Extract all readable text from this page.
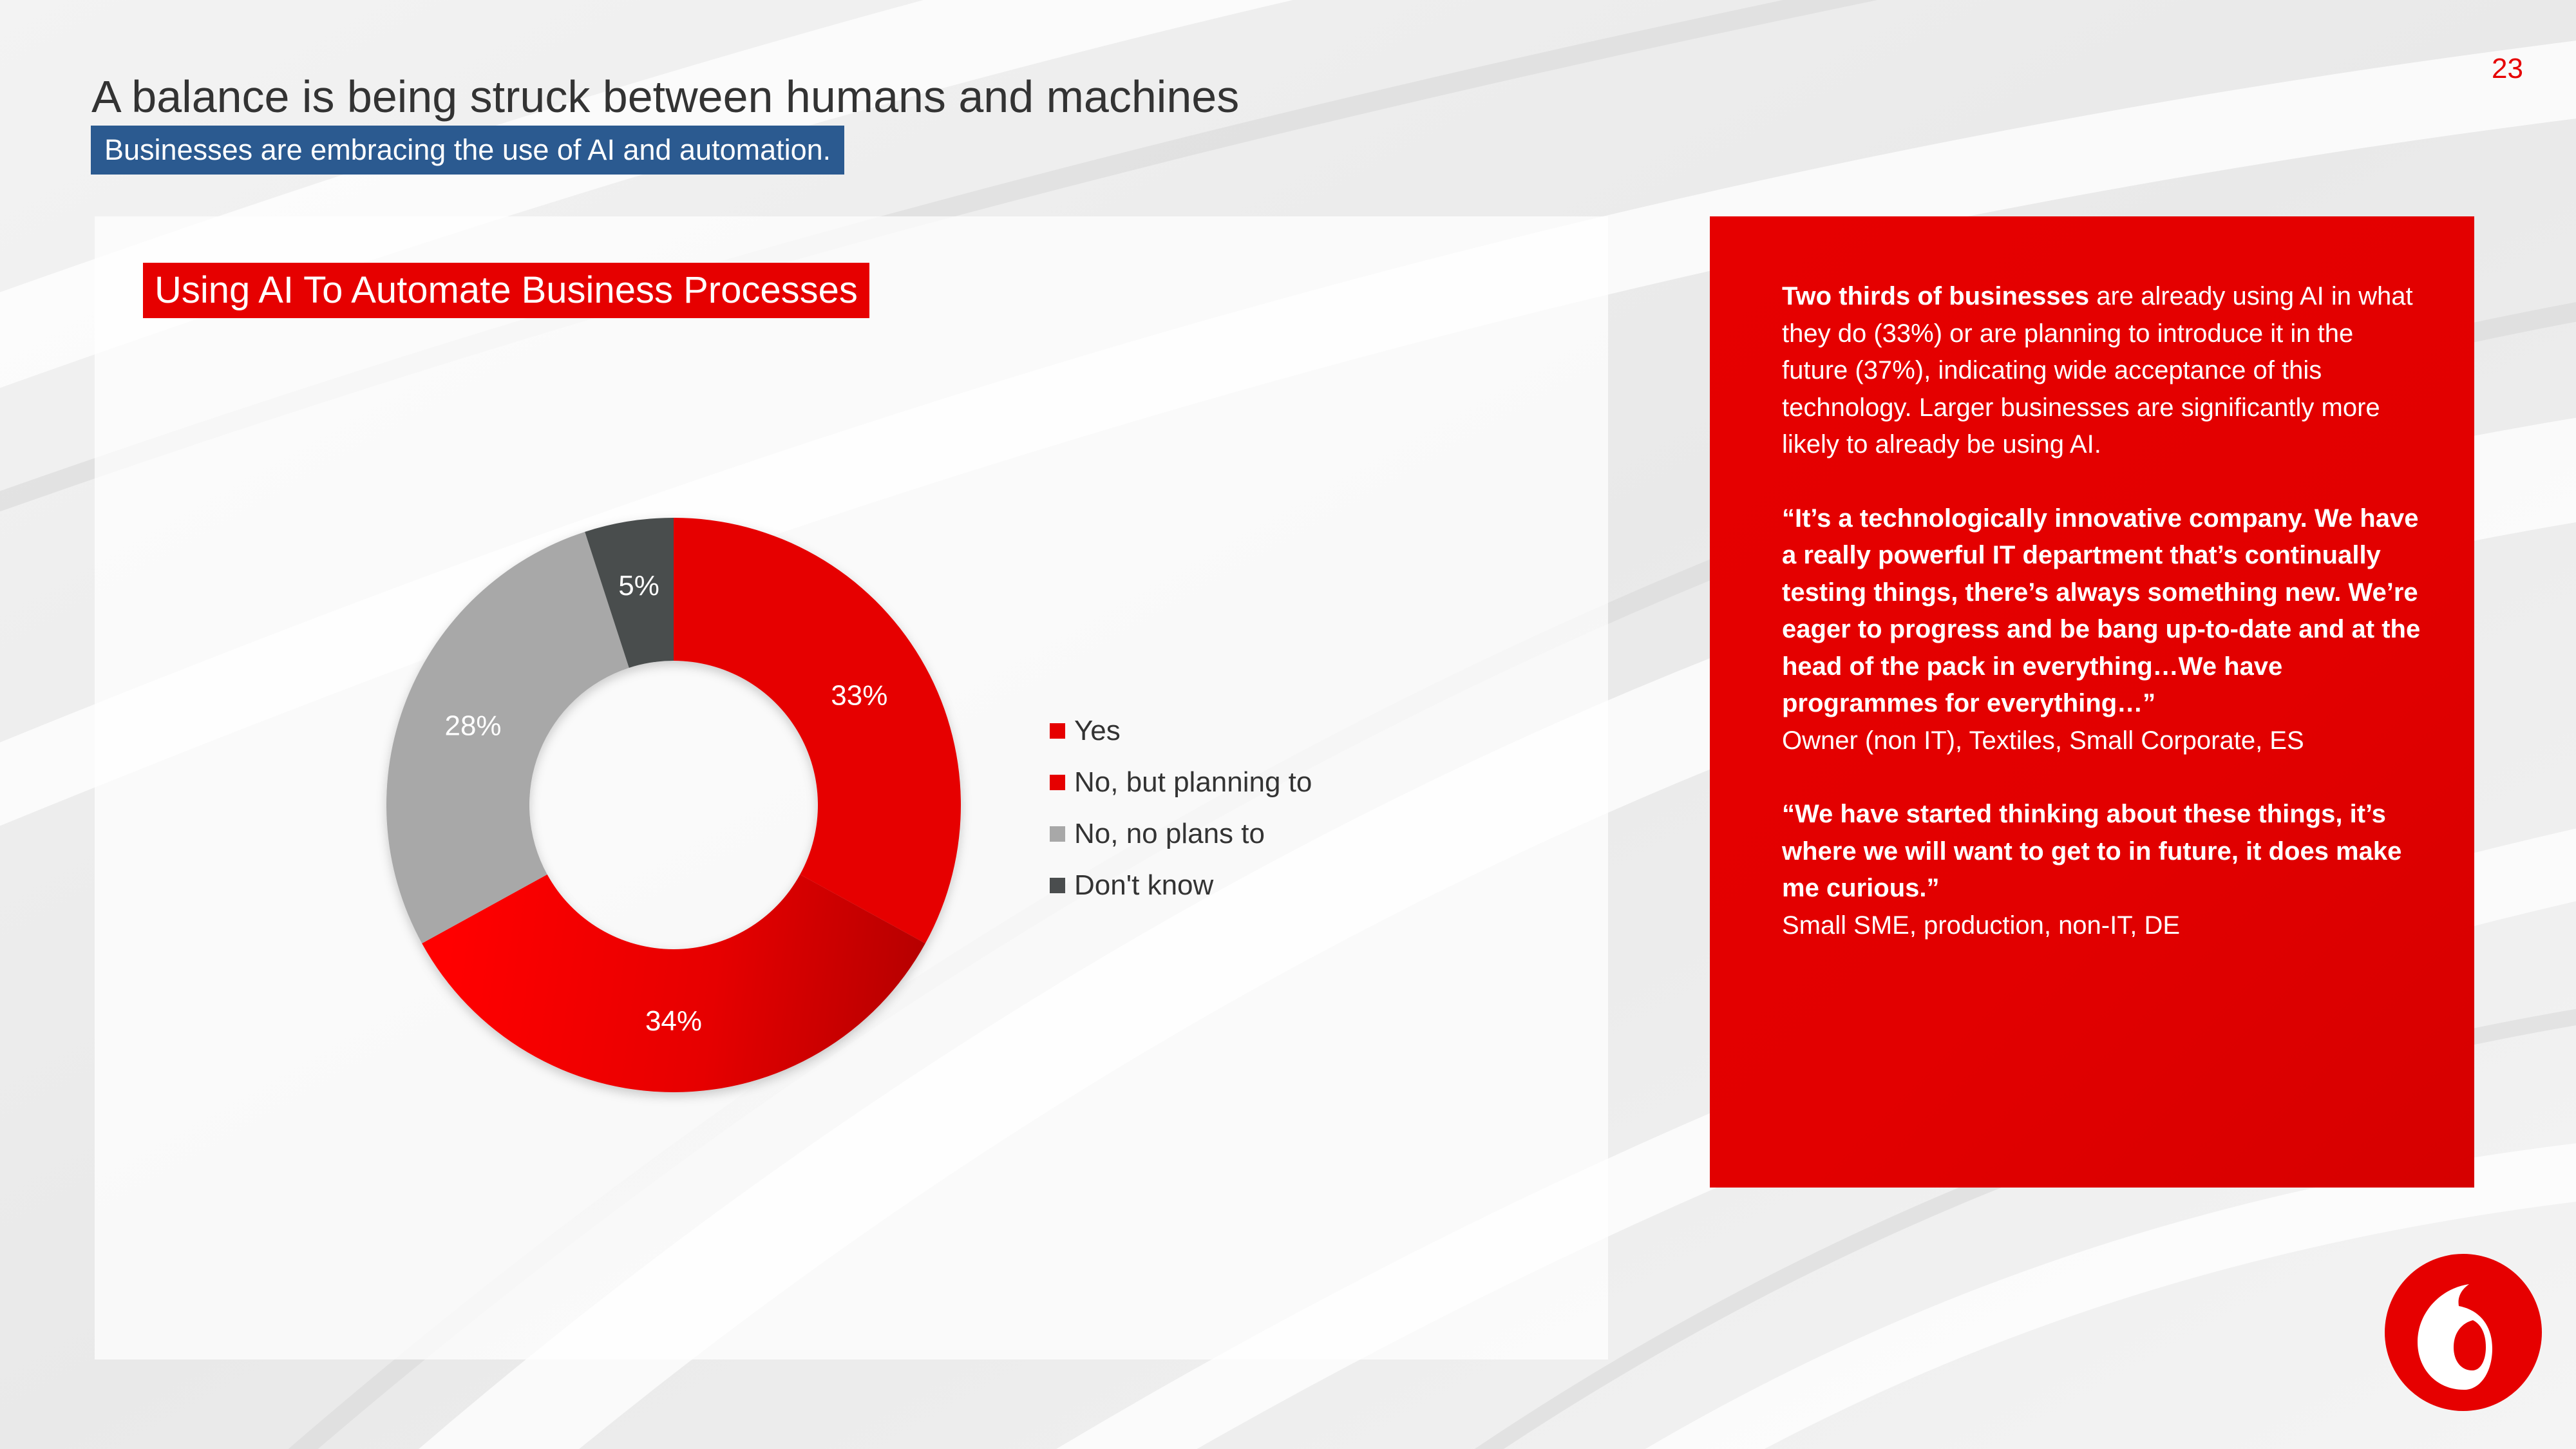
23
A balance is being struck between humans and machines
Businesses are embracing the use of AI and automation.
Using AI To Automate Business Processes
33%
34%
28%
5%
Yes
No, but planning to
No, no plans to
Don't know

Two thirds of businesses are already using AI in what they do (33%) or are planning to introduce it in the future (37%), indicating wide acceptance of this technology. Larger businesses are significantly more likely to already be using AI.

“It’s a technologically innovative company. We have a really powerful IT department that’s continually testing things, there’s always something new. We’re eager to progress and be bang up-to-date and at the head of the pack in everything…We have programmes for everything…”

Owner (non IT), Textiles, Small Corporate, ES

“We have started thinking about these things, it’s where we will want to get to in future, it does make me curious.”

Small SME, production, non-IT, DE
